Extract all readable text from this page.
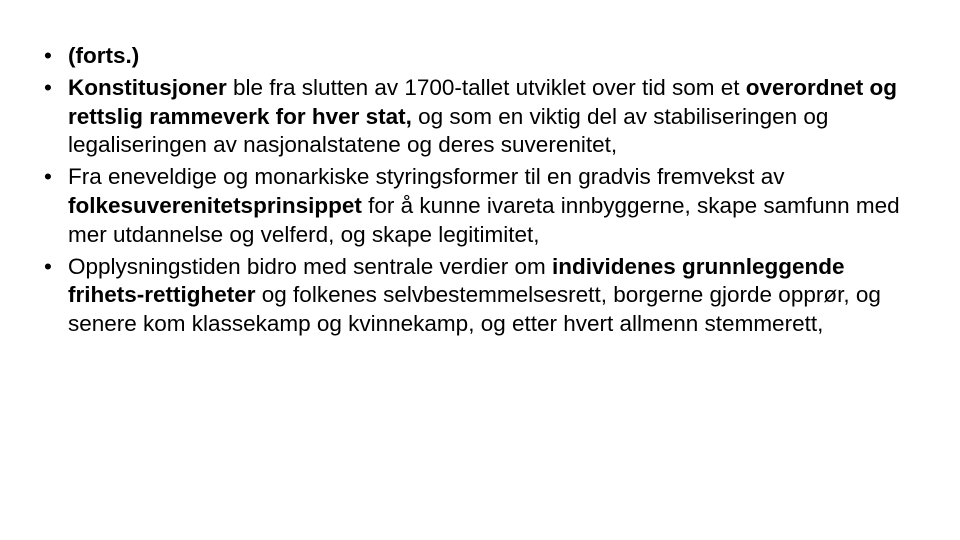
• (forts.)
• Konstitusjoner ble fra slutten av 1700-tallet utviklet over tid som et overordnet og rettslig rammeverk for hver stat, og som en viktig del av stabiliseringen og legaliseringen av nasjonalstatene og deres suverenitet,
• Fra eneveldige og monarkiske styringsformer til en gradvis fremvekst av folkesuverenitetsprinsippet for å kunne ivareta innbyggerne, skape samfunn med mer utdannelse og velferd, og skape legitimitet,
• Opplysningstiden bidro med sentrale verdier om individenes grunnleggende frihets-rettigheter og folkenes selvbestemmelsesrett, borgerne gjorde opprør, og senere kom klassekamp og kvinnekamp, og etter hvert allmenn stemmerett,
